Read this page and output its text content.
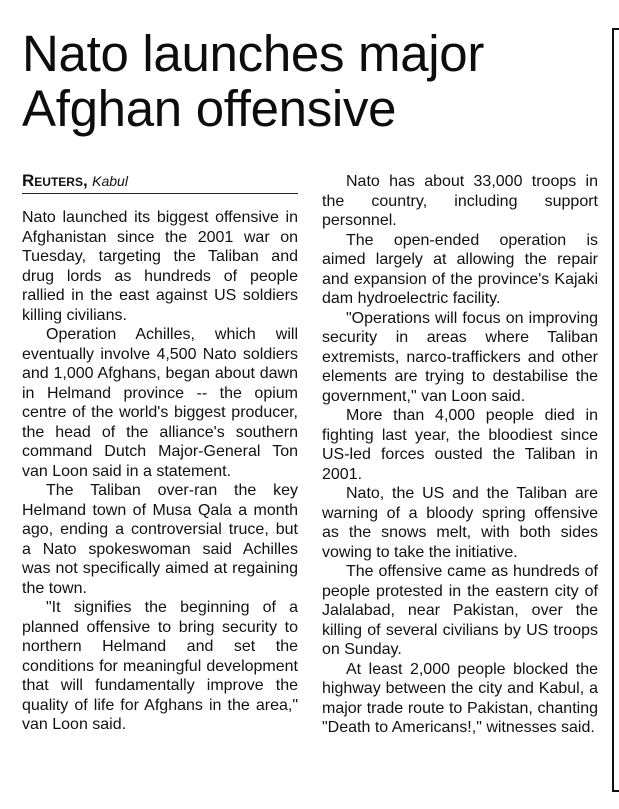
Nato launches major Afghan offensive
Reuters, Kabul

Nato launched its biggest offensive in Afghanistan since the 2001 war on Tuesday, targeting the Taliban and drug lords as hundreds of people rallied in the east against US soldiers killing civilians.

Operation Achilles, which will eventually involve 4,500 Nato soldiers and 1,000 Afghans, began about dawn in Helmand province -- the opium centre of the world's biggest producer, the head of the alliance's southern command Dutch Major-General Ton van Loon said in a statement.

The Taliban over-ran the key Helmand town of Musa Qala a month ago, ending a controversial truce, but a Nato spokeswoman said Achilles was not specifically aimed at regaining the town.

"It signifies the beginning of a planned offensive to bring security to northern Helmand and set the conditions for meaningful development that will fundamentally improve the quality of life for Afghans in the area," van Loon said.

Nato has about 33,000 troops in the country, including support personnel.

The open-ended operation is aimed largely at allowing the repair and expansion of the province's Kajaki dam hydroelectric facility.

"Operations will focus on improving security in areas where Taliban extremists, narco-traffickers and other elements are trying to destabilise the government," van Loon said.

More than 4,000 people died in fighting last year, the bloodiest since US-led forces ousted the Taliban in 2001.

Nato, the US and the Taliban are warning of a bloody spring offensive as the snows melt, with both sides vowing to take the initiative.

The offensive came as hundreds of people protested in the eastern city of Jalalabad, near Pakistan, over the killing of several civilians by US troops on Sunday.

At least 2,000 people blocked the highway between the city and Kabul, a major trade route to Pakistan, chanting "Death to Americans!," witnesses said.
